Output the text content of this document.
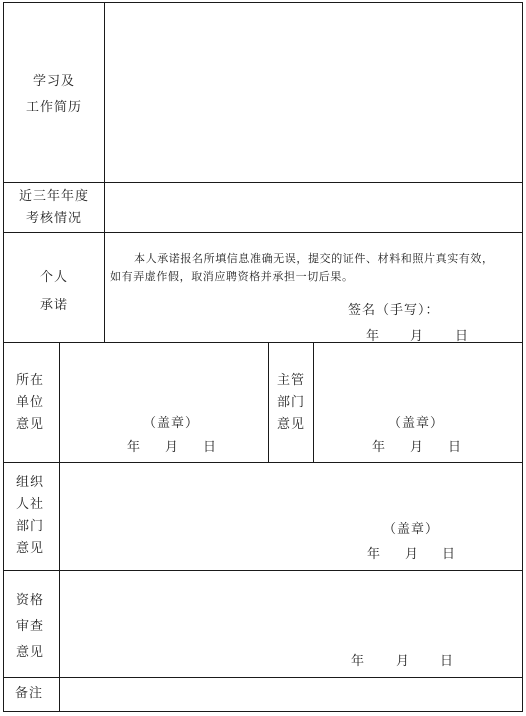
学习及
工作简历
近三年年度
考核情况
个人
承诺
本人承诺报名所填信息准确无误，提交的证件、材料和照片真实有效，
如有弄虚作假，取消应聘资格并承担一切后果。
签名（手写）：
年 月 日
所在
单位
意见	（盖章）
年 月 日
主管
部门
意见	（盖章）
年 月 日
组织
人社
部门
意见
（盖章）
年 月 日
资格
审查
意见
年 月 日
备注
